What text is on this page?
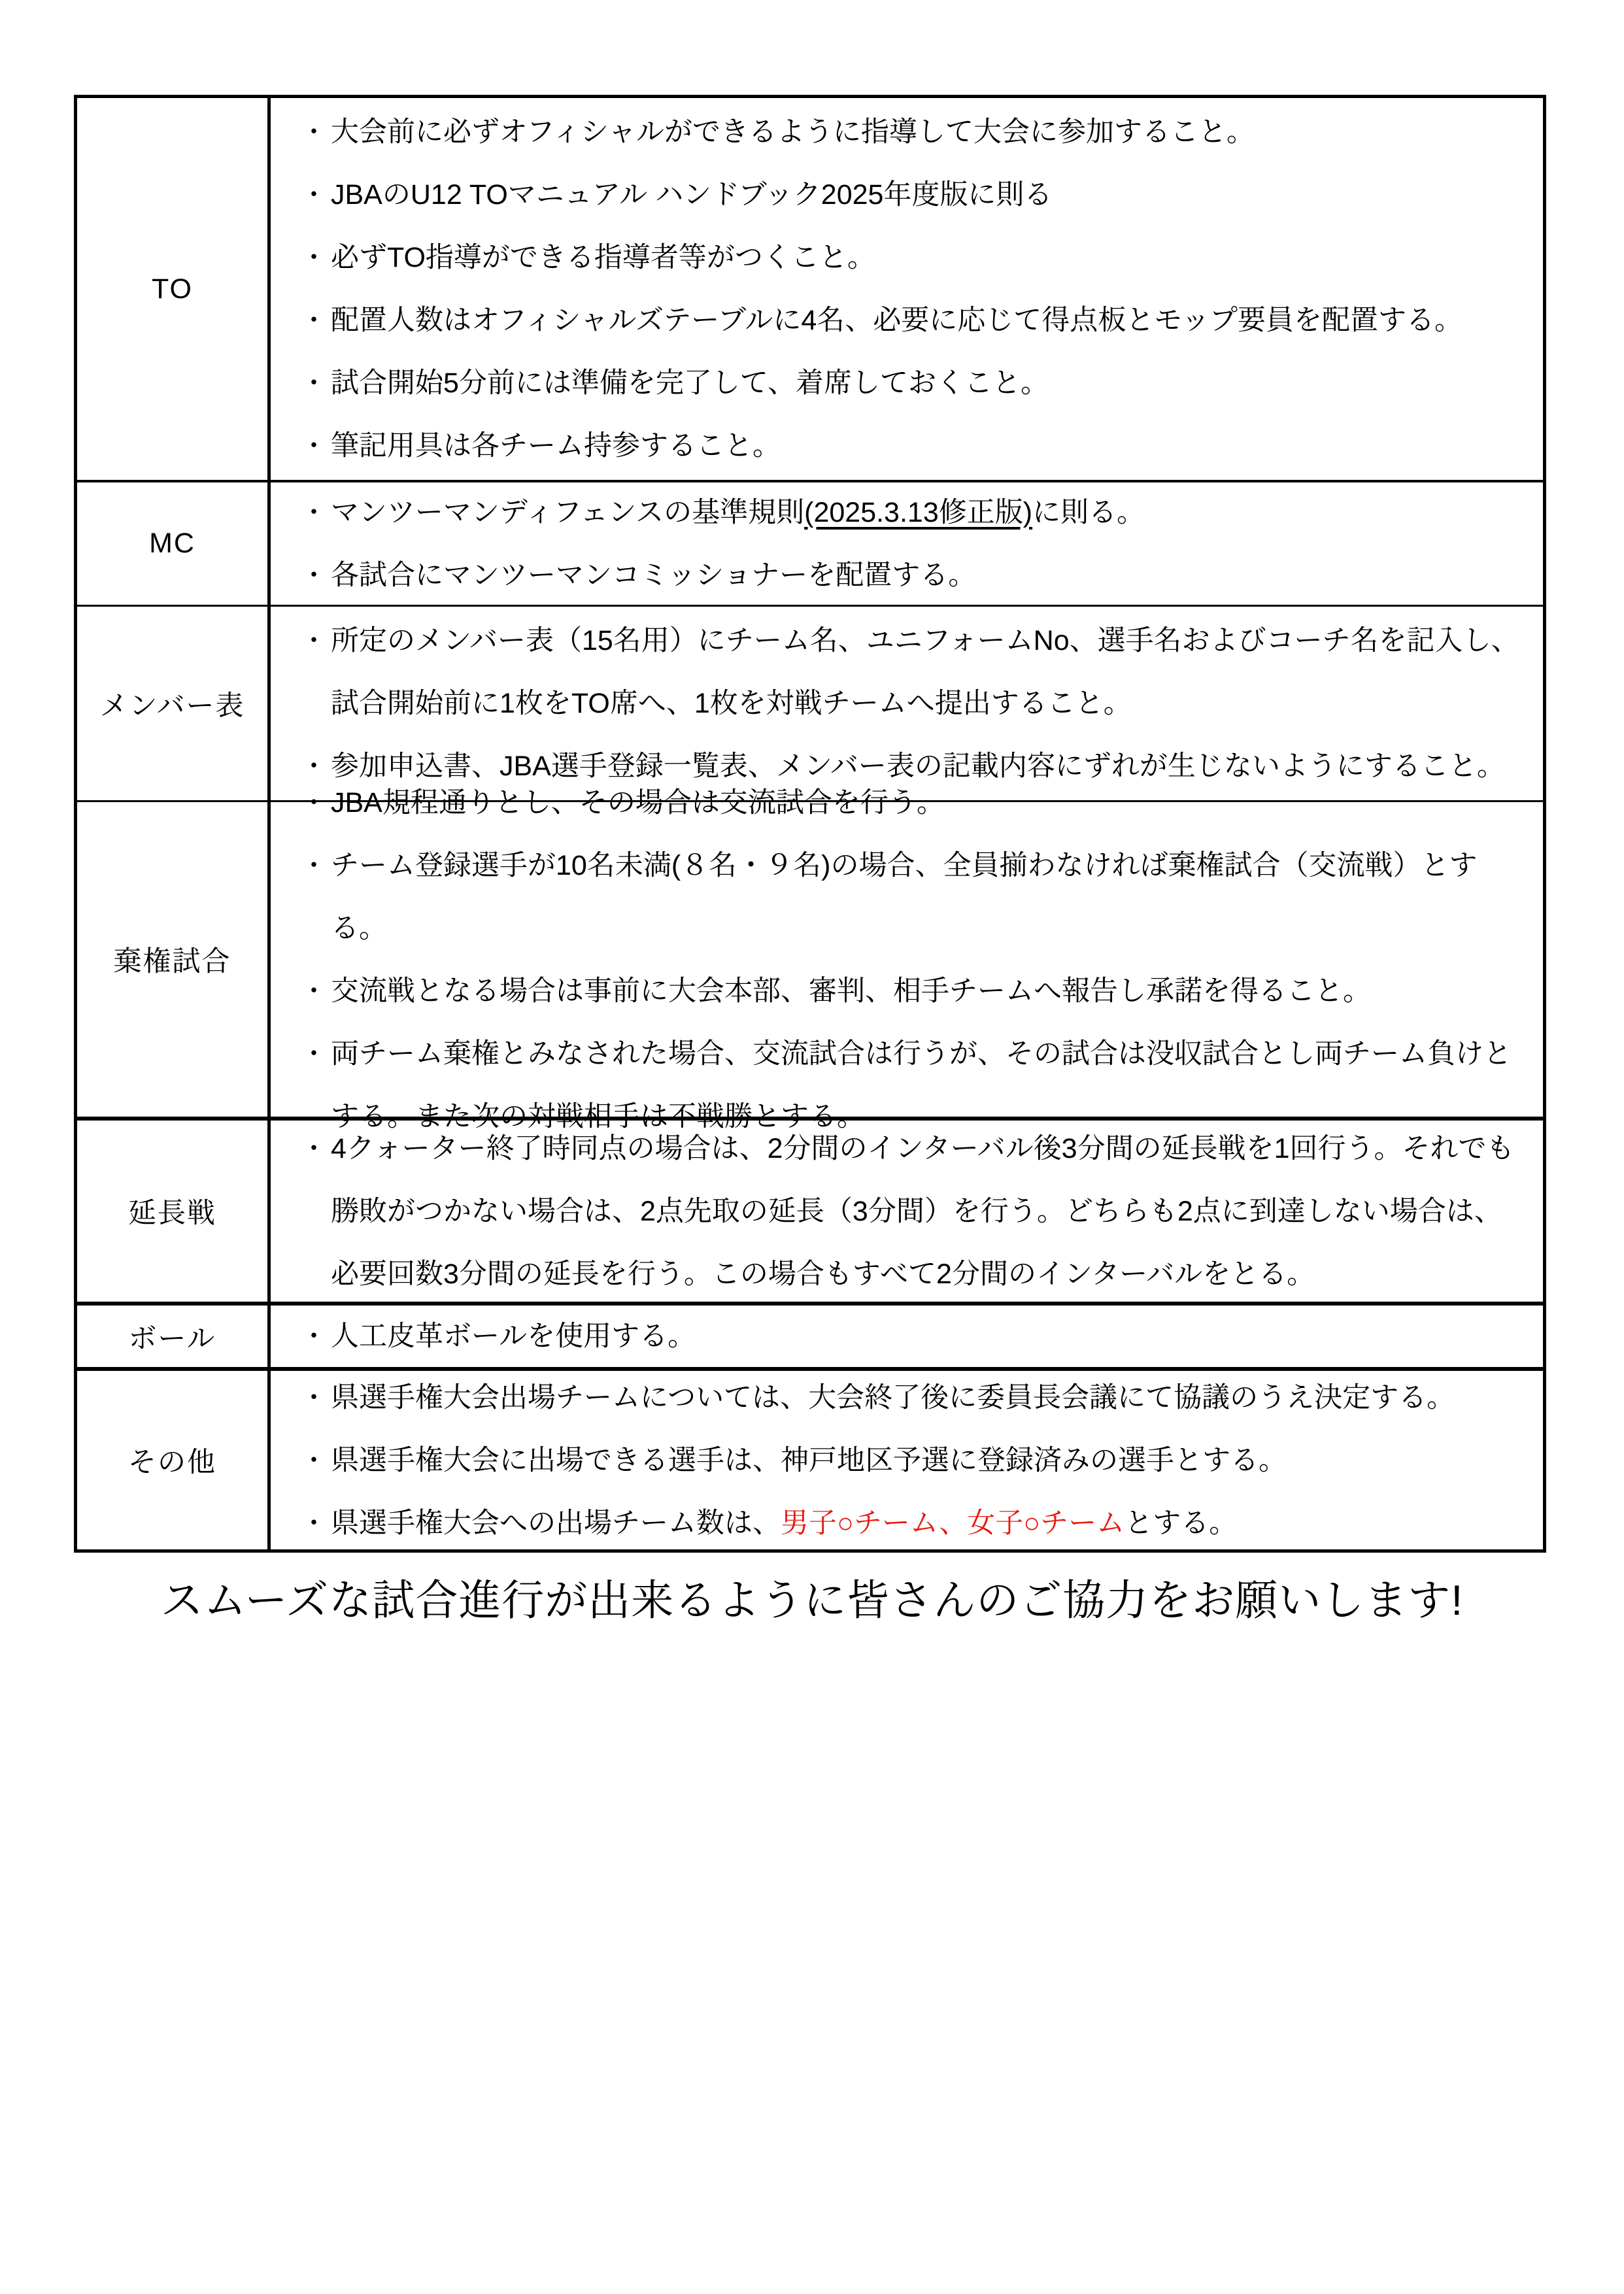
TO
・ 大会前に必ずオフィシャルができるように指導して大会に参加すること。
・ JBAのU12 TOマニュアル ハンドブック2025年度版に則る
・ 必ずTO指導ができる指導者等がつくこと。
・ 配置人数はオフィシャルズテーブルに4名、必要に応じて得点板とモップ要員を配置する。
・ 試合開始5分前には準備を完了して、着席しておくこと。
・ 筆記用具は各チーム持参すること。
MC
・ マンツーマンディフェンスの基準規則(2025.3.13修正版)に則る。
・ 各試合にマンツーマンコミッショナーを配置する。
メンバー表
・ 所定のメンバー表（15名用）にチーム名、ユニフォームNo、選手名およびコーチ名を記入し、試合開始前に1枚をTO席へ、1枚を対戦チームへ提出すること。
・ 参加申込書、JBA選手登録一覧表、メンバー表の記載内容にずれが生じないようにすること。
棄権試合
・ JBA規程通りとし、その場合は交流試合を行う。
・ チーム登録選手が10名未満(８名・９名)の場合、全員揃わなければ棄権試合（交流戦）とする。
・ 交流戦となる場合は事前に大会本部、審判、相手チームへ報告し承諾を得ること。
・ 両チーム棄権とみなされた場合、交流試合は行うが、その試合は没収試合とし両チーム負けとする。また次の対戦相手は不戦勝とする。
延長戦
・ 4クォーター終了時同点の場合は、2分間のインターバル後3分間の延長戦を1回行う。それでも勝敗がつかない場合は、2点先取の延長（3分間）を行う。どちらも2点に到達しない場合は、必要回数3分間の延長を行う。この場合もすべて2分間のインターバルをとる。
ボール	・ 人工皮革ボールを使用する。
その他
・ 県選手権大会出場チームについては、大会終了後に委員長会議にて協議のうえ決定する。
・ 県選手権大会に出場できる選手は、神戸地区予選に登録済みの選手とする。
・ 県選手権大会への出場チーム数は、男子○チーム、女子○チームとする。
スムーズな試合進行が出来るように皆さんのご協力をお願いします!
